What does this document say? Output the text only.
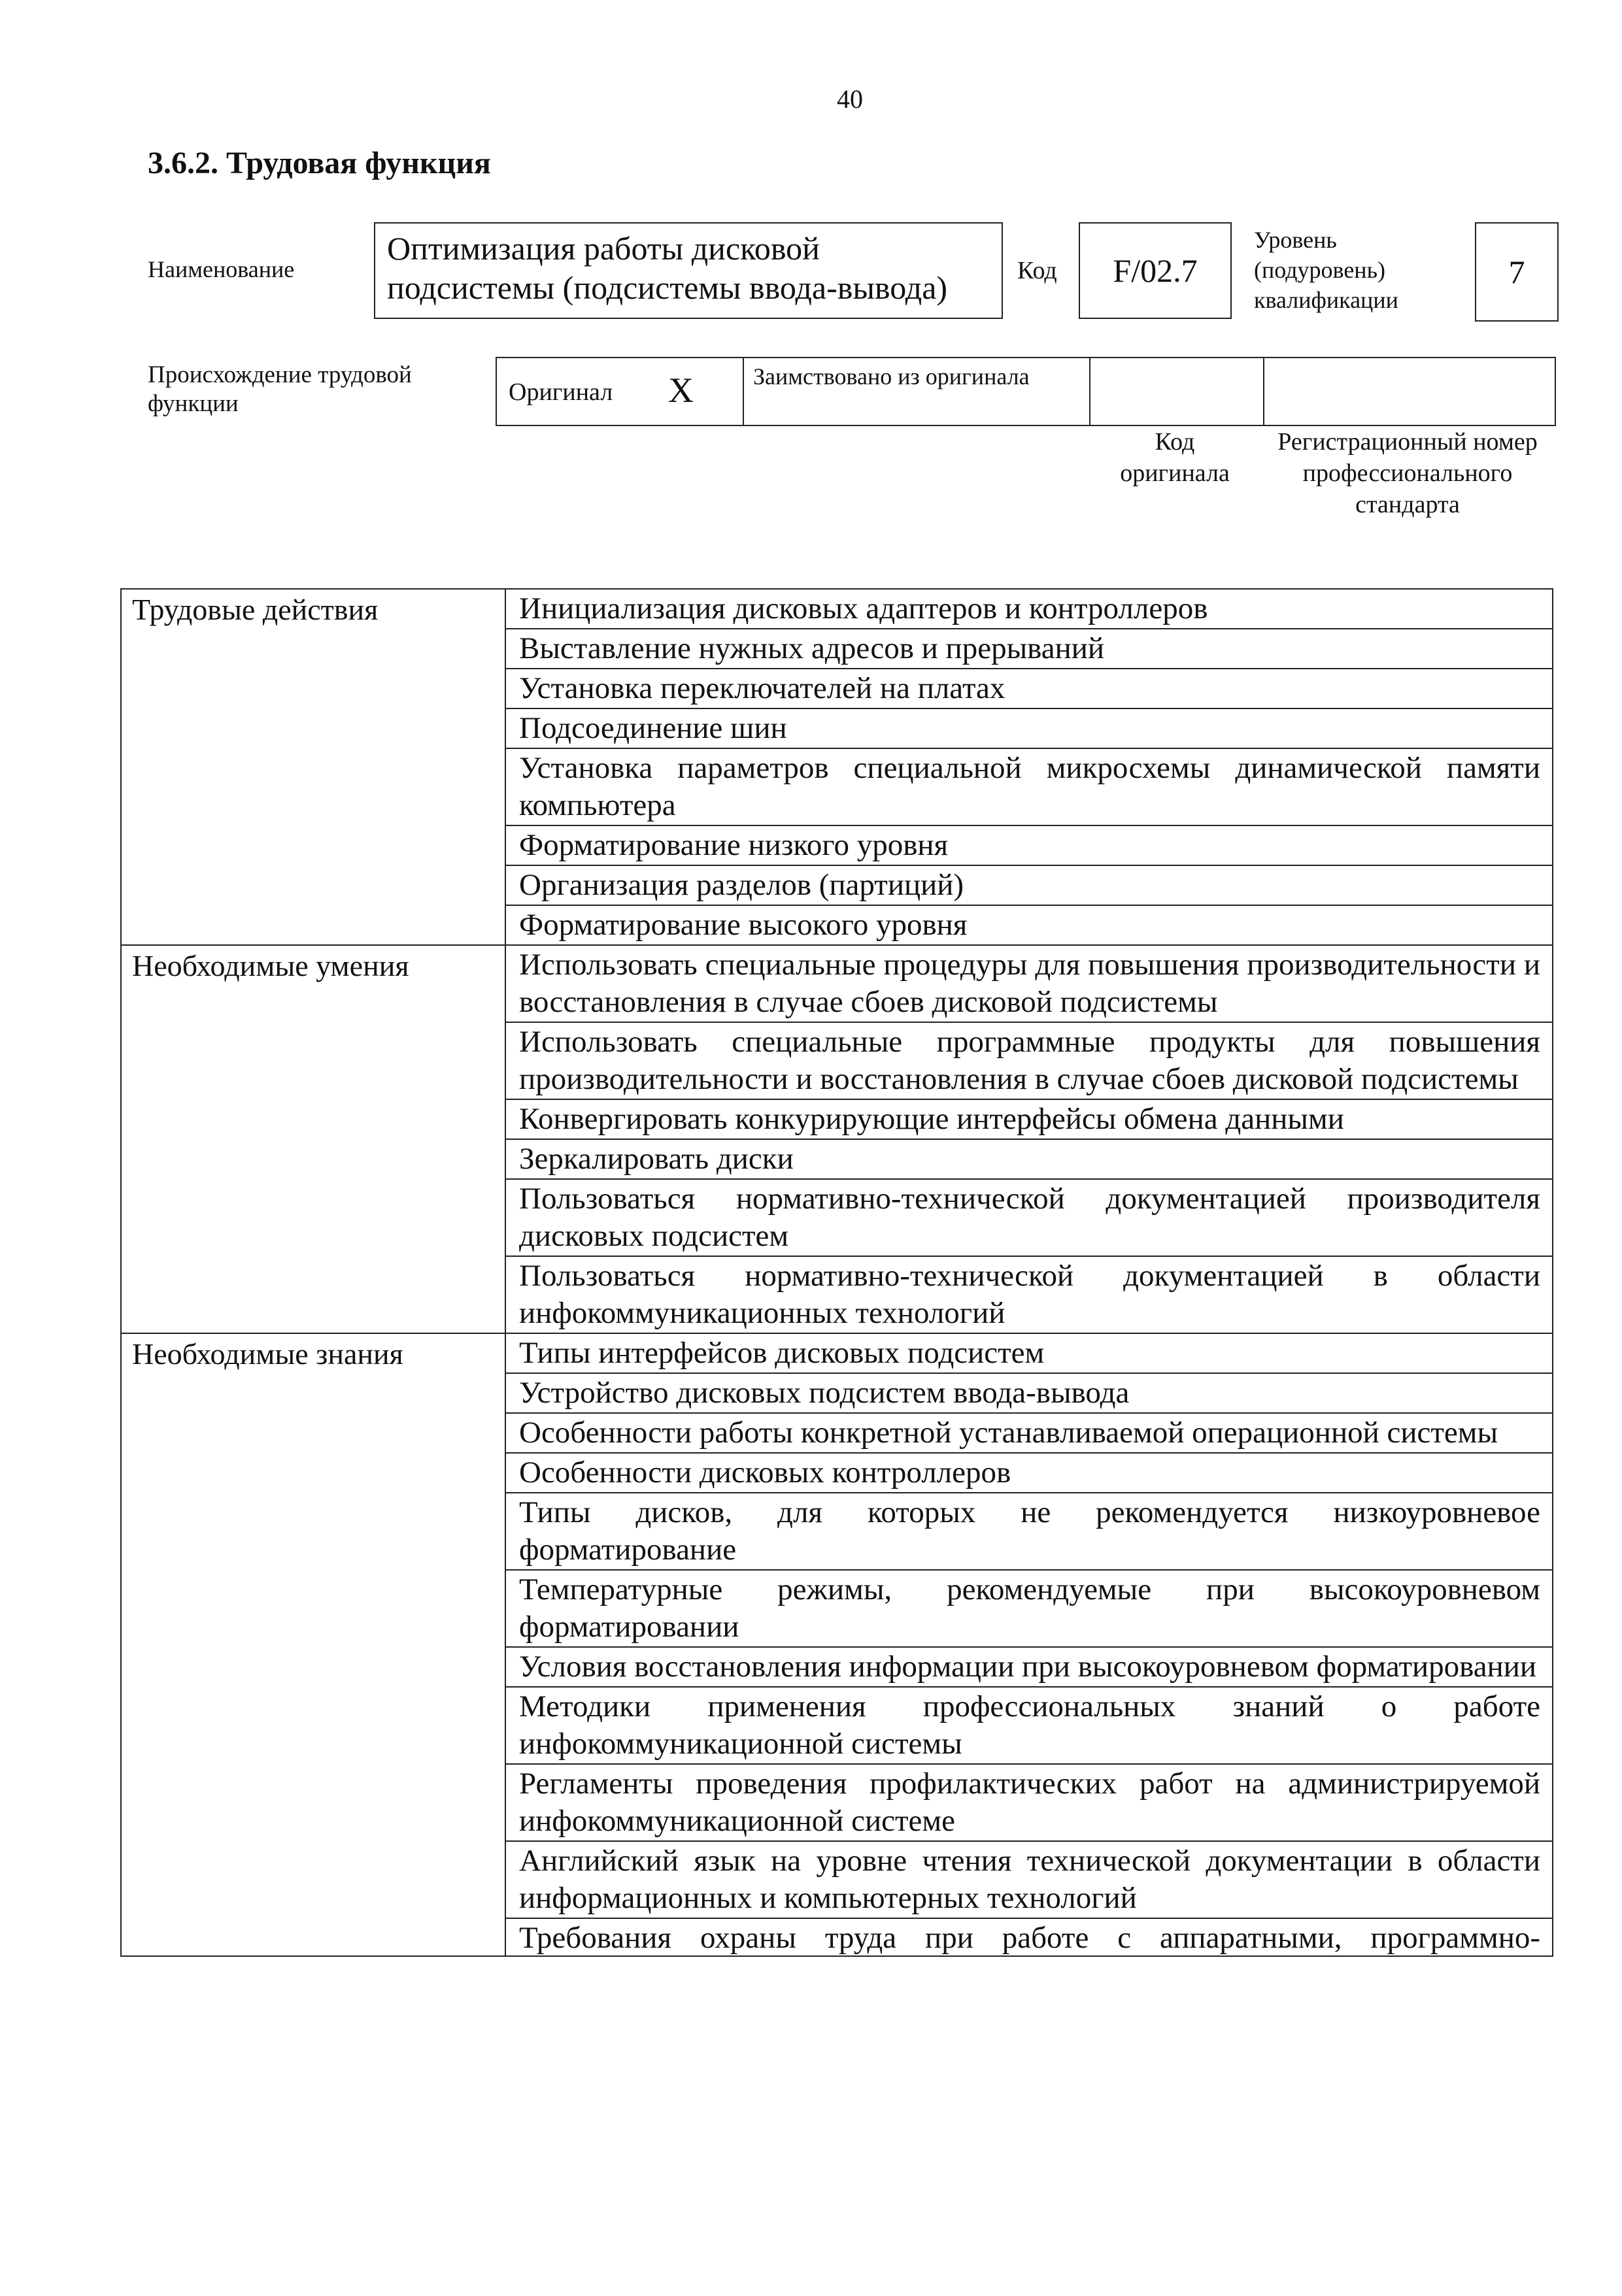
40
3.6.2. Трудовая функция
Наименование
Оптимизация работы дисковой подсистемы (подсистемы ввода-вывода)	Код	F/02.7
Уровень (подуровень) квалификации
7
Происхождение трудовой функции	Оригинал X	Заимствовано из оригинала
Код оригинала
Регистрационный номер профессионального стандарта
Трудовые действия	Инициализация дисковых адаптеров и контроллеров
	Выставление нужных адресов и прерываний
	Установка переключателей на платах
	Подсоединение шин
	Установка параметров специальной микросхемы динамической памяти компьютера
	Форматирование низкого уровня
	Организация разделов (партиций)
	Форматирование высокого уровня
Необходимые умения	Использовать специальные процедуры для повышения производительности и восстановления в случае сбоев дисковой подсистемы
	Использовать специальные программные продукты для повышения производительности и восстановления в случае сбоев дисковой подсистемы
	Конвергировать конкурирующие интерфейсы обмена данными
	Зеркалировать диски
	Пользоваться нормативно-технической документацией производителя дисковых подсистем
	Пользоваться нормативно-технической документацией в области инфокоммуникационных технологий
Необходимые знания	Типы интерфейсов дисковых подсистем
	Устройство дисковых подсистем ввода-вывода
	Особенности работы конкретной устанавливаемой операционной системы
	Особенности дисковых контроллеров
	Типы дисков, для которых не рекомендуется низкоуровневое форматирование
	Температурные режимы, рекомендуемые при высокоуровневом форматировании
	Условия восстановления информации при высокоуровневом форматировании
	Методики применения профессиональных знаний о работе инфокоммуникационной системы
	Регламенты проведения профилактических работ на администрируемой инфокоммуникационной системе
	Английский язык на уровне чтения технической документации в области информационных и компьютерных технологий

	Требования охраны труда при работе с аппаратными, программно-
